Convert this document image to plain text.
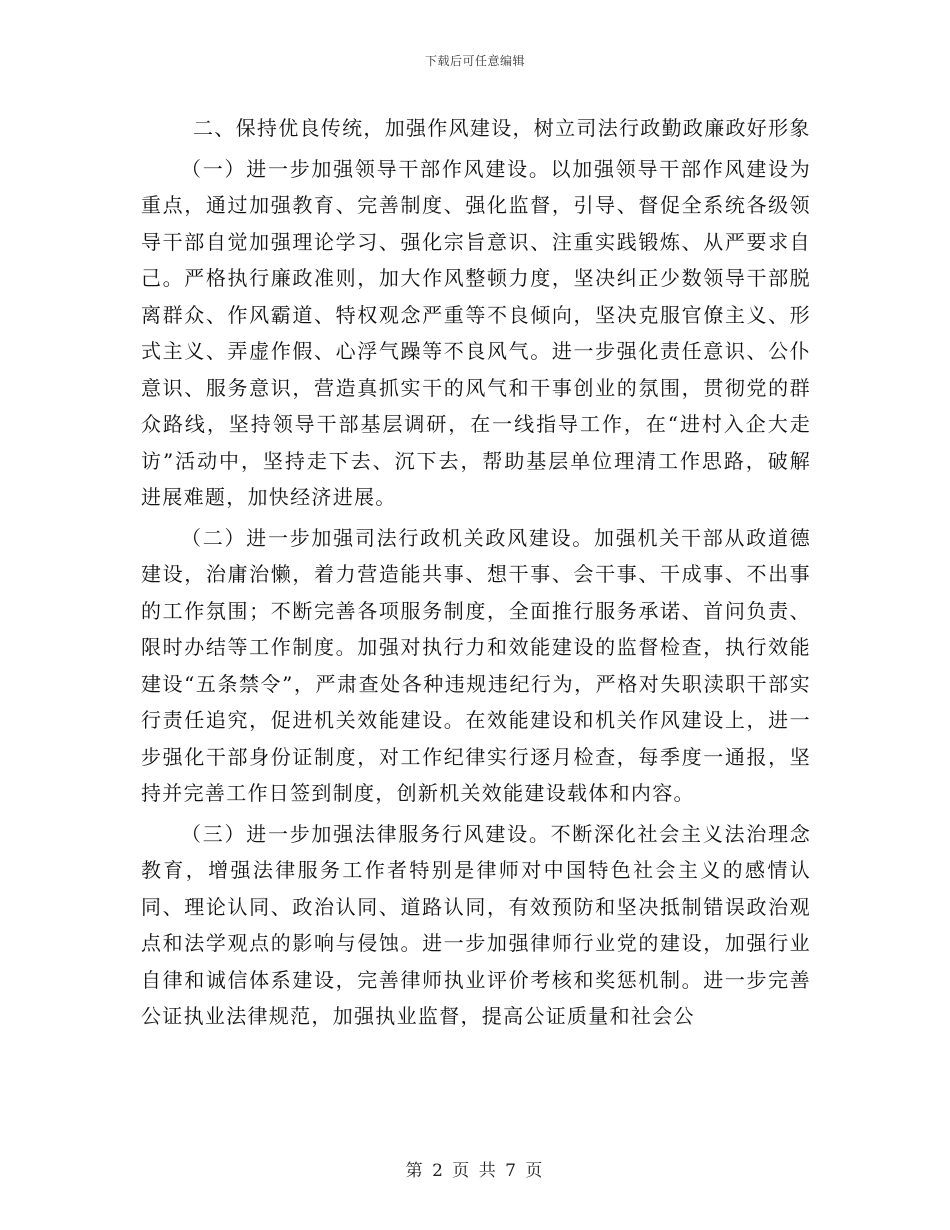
下载后可任意编辑

二、保持优良传统，加强作风建设，树立司法行政勤政廉政好形象

（一）进一步加强领导干部作风建设。以加强领导干部作风建设为重点，通过加强教育、完善制度、强化监督，引导、督促全系统各级领导干部自觉加强理论学习、强化宗旨意识、注重实践锻炼、从严要求自己。严格执行廉政准则，加大作风整顿力度，坚决纠正少数领导干部脱离群众、作风霸道、特权观念严重等不良倾向，坚决克服官僚主义、形式主义、弄虚作假、心浮气躁等不良风气。进一步强化责任意识、公仆意识、服务意识，营造真抓实干的风气和干事创业的氛围，贯彻党的群众路线，坚持领导干部基层调研，在一线指导工作，在“进村入企大走访”活动中，坚持走下去、沉下去，帮助基层单位理清工作思路，破解进展难题，加快经济进展。

（二）进一步加强司法行政机关政风建设。加强机关干部从政道德建设，治庸治懒，着力营造能共事、想干事、会干事、干成事、不出事的工作氛围；不断完善各项服务制度，全面推行服务承诺、首问负责、限时办结等工作制度。加强对执行力和效能建设的监督检查，执行效能建设“五条禁令”，严肃查处各种违规违纪行为，严格对失职渎职干部实行责任追究，促进机关效能建设。在效能建设和机关作风建设上，进一步强化干部身份证制度，对工作纪律实行逐月检查，每季度一通报，坚持并完善工作日签到制度，创新机关效能建设载体和内容。

（三）进一步加强法律服务行风建设。不断深化社会主义法治理念教育，增强法律服务工作者特别是律师对中国特色社会主义的感情认同、理论认同、政治认同、道路认同，有效预防和坚决抵制错误政治观点和法学观点的影响与侵蚀。进一步加强律师行业党的建设，加强行业自律和诚信体系建设，完善律师执业评价考核和奖惩机制。进一步完善公证执业法律规范，加强执业监督，提高公证质量和社会公

第 2 页 共 7 页
